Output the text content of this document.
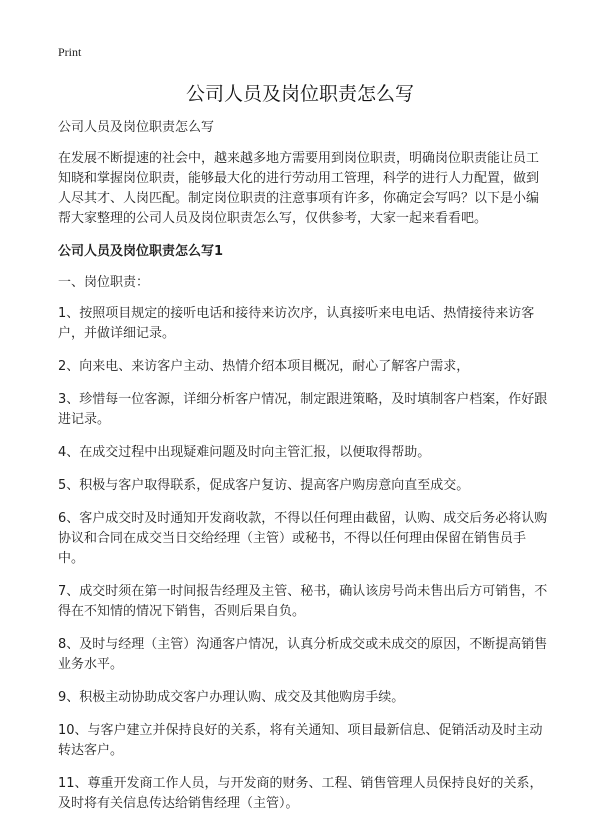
Print
公司人员及岗位职责怎么写

公司人员及岗位职责怎么写

在发展不断提速的社会中，越来越多地方需要用到岗位职责，明确岗位职责能让员工知晓和掌握岗位职责，能够最大化的进行劳动用工管理，科学的进行人力配置，做到人尽其才、人岗匹配。制定岗位职责的注意事项有许多，你确定会写吗？以下是小编帮大家整理的公司人员及岗位职责怎么写，仅供参考，大家一起来看看吧。

公司人员及岗位职责怎么写1

一、岗位职责：

1、按照项目规定的接听电话和接待来访次序，认真接听来电电话、热情接待来访客户，并做详细记录。

2、向来电、来访客户主动、热情介绍本项目概况，耐心了解客户需求，

3、珍惜每一位客源，详细分析客户情况，制定跟进策略，及时填制客户档案，作好跟进记录。

4、在成交过程中出现疑难问题及时向主管汇报，以便取得帮助。

5、积极与客户取得联系，促成客户复访、提高客户购房意向直至成交。

6、客户成交时及时通知开发商收款，不得以任何理由截留，认购、成交后务必将认购协议和合同在成交当日交给经理（主管）或秘书，不得以任何理由保留在销售员手中。

7、成交时须在第一时间报告经理及主管、秘书，确认该房号尚未售出后方可销售，不得在不知情的情况下销售，否则后果自负。

8、及时与经理（主管）沟通客户情况，认真分析成交或未成交的原因，不断提高销售业务水平。

9、积极主动协助成交客户办理认购、成交及其他购房手续。

10、与客户建立并保持良好的关系，将有关通知、项目最新信息、促销活动及时主动转达客户。

11、尊重开发商工作人员，与开发商的财务、工程、销售管理人员保持良好的关系，及时将有关信息传达给销售经理（主管）。
